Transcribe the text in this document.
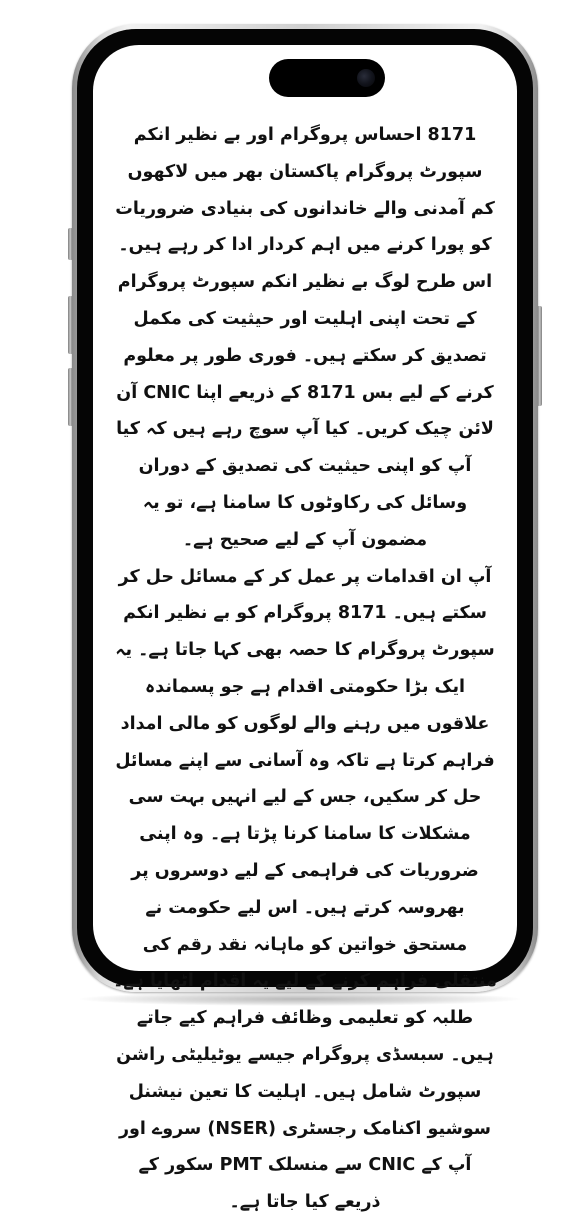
8171 احساس پروگرام اور بے نظیر انکم سپورٹ پروگرام پاکستان بھر میں لاکھوں کم آمدنی والے خاندانوں کی بنیادی ضروریات کو پورا کرنے میں اہم کردار ادا کر رہے ہیں۔ اس طرح لوگ بے نظیر انکم سپورٹ پروگرام کے تحت اپنی اہلیت اور حیثیت کی مکمل تصدیق کر سکتے ہیں۔ فوری طور پر معلوم کرنے کے لیے بس 8171 کے ذریعے اپنا CNIC آن لائن چیک کریں۔ کیا آپ سوچ رہے ہیں کہ کیا آپ کو اپنی حیثیت کی تصدیق کے دوران وسائل کی رکاوٹوں کا سامنا ہے، تو یہ مضمون آپ کے لیے صحیح ہے۔

آپ ان اقدامات پر عمل کر کے مسائل حل کر سکتے ہیں۔ 8171 پروگرام کو بے نظیر انکم سپورٹ پروگرام کا حصہ بھی کہا جاتا ہے۔ یہ ایک بڑا حکومتی اقدام ہے جو پسماندہ علاقوں میں رہنے والے لوگوں کو مالی امداد فراہم کرتا ہے تاکہ وہ آسانی سے اپنے مسائل حل کر سکیں، جس کے لیے انہیں بہت سی مشکلات کا سامنا کرنا پڑتا ہے۔ وہ اپنی ضروریات کی فراہمی کے لیے دوسروں پر بھروسہ کرتے ہیں۔ اس لیے حکومت نے مستحق خواتین کو ماہانہ نقد رقم کی منتقلی فراہم کرنے کے لیے یہ اقدام اٹھایا ہے۔ طلبہ کو تعلیمی وظائف فراہم کیے جاتے ہیں۔ سبسڈی پروگرام جیسے یوٹیلیٹی راشن سپورٹ شامل ہیں۔ اہلیت کا تعین نیشنل سوشیو اکنامک رجسٹری (NSER) سروے اور آپ کے CNIC سے منسلک PMT سکور کے ذریعے کیا جاتا ہے۔
